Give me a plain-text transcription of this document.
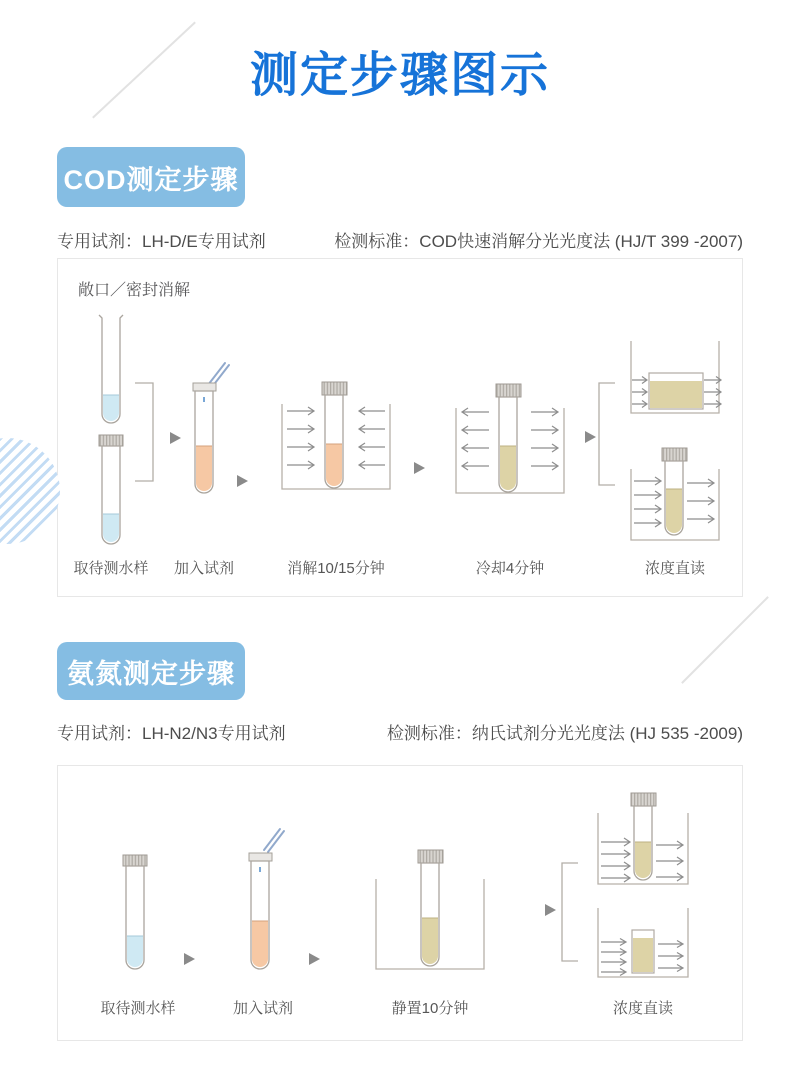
测定步骤图示
COD测定步骤
专用试剂：LH-D/E专用试剂	检测标准：COD快速消解分光光度法 (HJ/T 399 -2007)
敞口／密封消解
取待测水样 加入试剂	消解10/15分钟	冷却4分钟	浓度直读
氨氮测定步骤
专用试剂：LH-N2/N3专用试剂	检测标准：纳氏试剂分光光度法 (HJ 535 -2009)
取待测水样	加入试剂	静置10分钟	浓度直读
